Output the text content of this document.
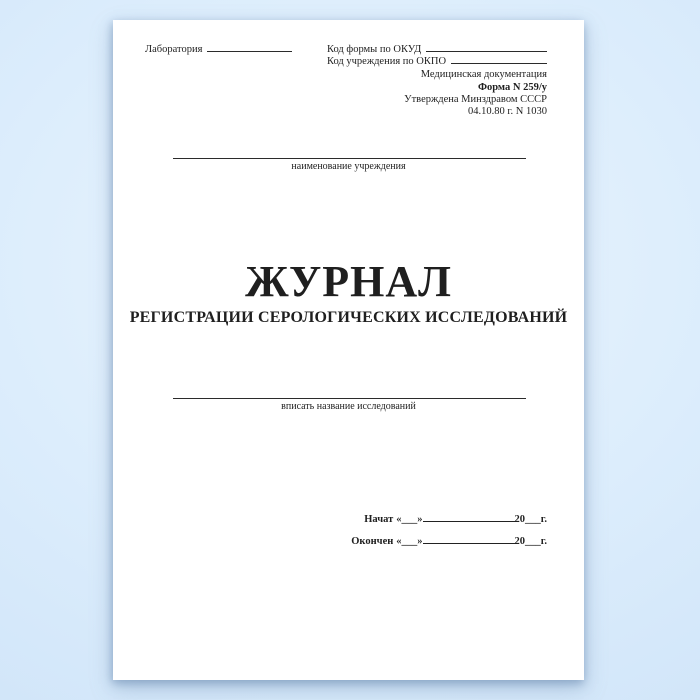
Лаборатория	Код формы по ОКУД
Код учреждения по ОКПО
Медицинская документация
Форма N 259/у
Утверждена Минздравом СССР
04.10.80 г. N 1030
наименование учреждения
ЖУРНАЛ
РЕГИСТРАЦИИ СЕРОЛОГИЧЕСКИХ ИССЛЕДОВАНИЙ
вписать название исследований
Начат «___»	20___г.
Окончен «___»	20___г.
